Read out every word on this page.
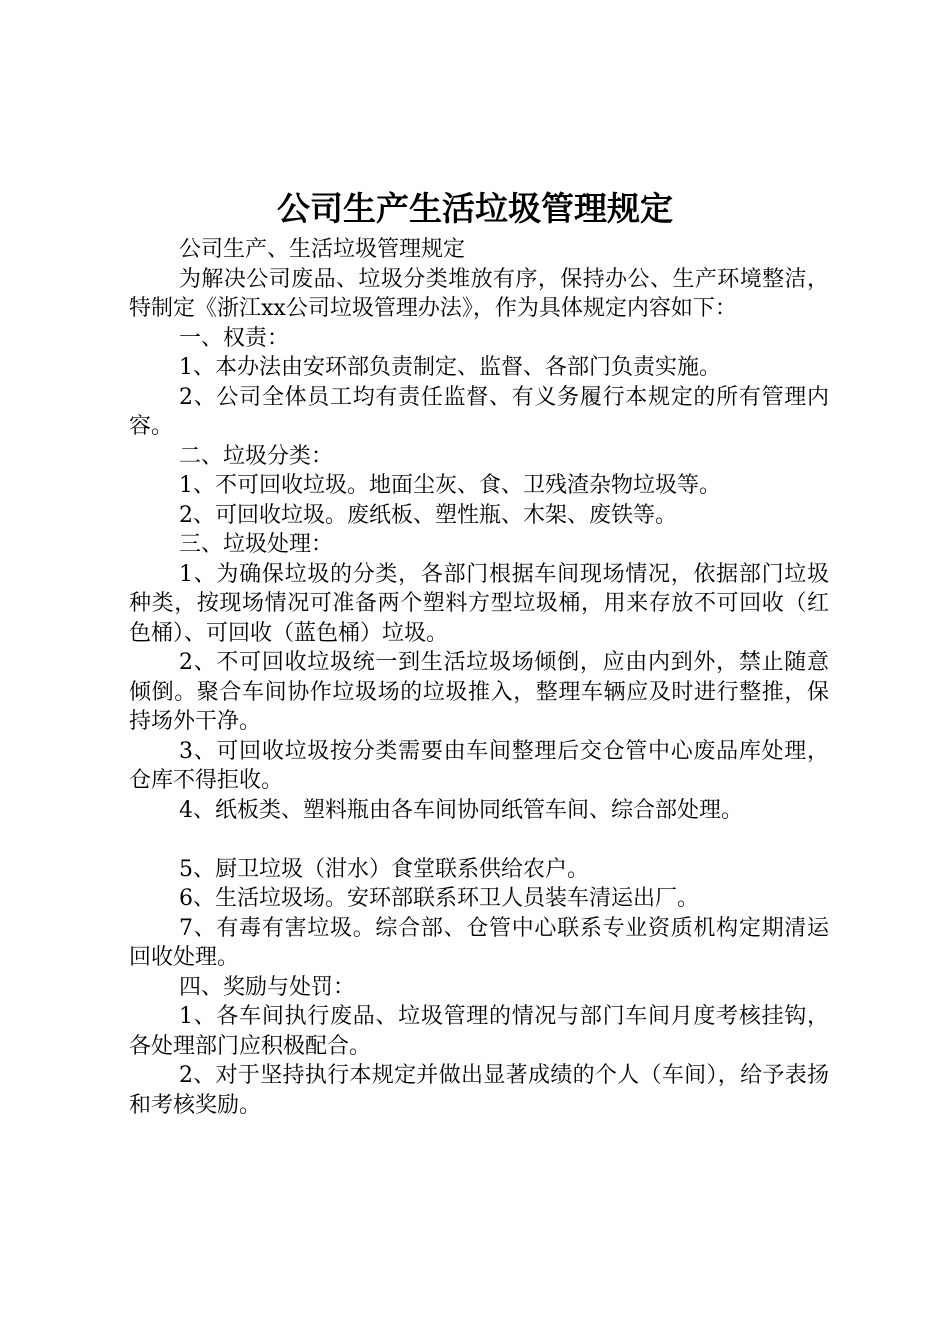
公司生产生活垃圾管理规定

公司生产、生活垃圾管理规定

为解决公司废品、垃圾分类堆放有序，保持办公、生产环境整洁，特制定《浙江xx公司垃圾管理办法》，作为具体规定内容如下：

一、权责：

1、本办法由安环部负责制定、监督、各部门负责实施。

2、公司全体员工均有责任监督、有义务履行本规定的所有管理内容。

二、垃圾分类：

1、不可回收垃圾。地面尘灰、食、卫残渣杂物垃圾等。

2、可回收垃圾。废纸板、塑性瓶、木架、废铁等。

三、垃圾处理：

1、为确保垃圾的分类，各部门根据车间现场情况，依据部门垃圾种类，按现场情况可准备两个塑料方型垃圾桶，用来存放不可回收（红色桶）、可回收（蓝色桶）垃圾。

2、不可回收垃圾统一到生活垃圾场倾倒，应由内到外，禁止随意倾倒。聚合车间协作垃圾场的垃圾推入，整理车辆应及时进行整推，保持场外干净。

3、可回收垃圾按分类需要由车间整理后交仓管中心废品库处理，仓库不得拒收。

4、纸板类、塑料瓶由各车间协同纸管车间、综合部处理。

5、厨卫垃圾（泔水）食堂联系供给农户。

6、生活垃圾场。安环部联系环卫人员装车清运出厂。

7、有毒有害垃圾。综合部、仓管中心联系专业资质机构定期清运回收处理。

四、奖励与处罚：

1、各车间执行废品、垃圾管理的情况与部门车间月度考核挂钩，各处理部门应积极配合。

2、对于坚持执行本规定并做出显著成绩的个人（车间），给予表扬和考核奖励。
